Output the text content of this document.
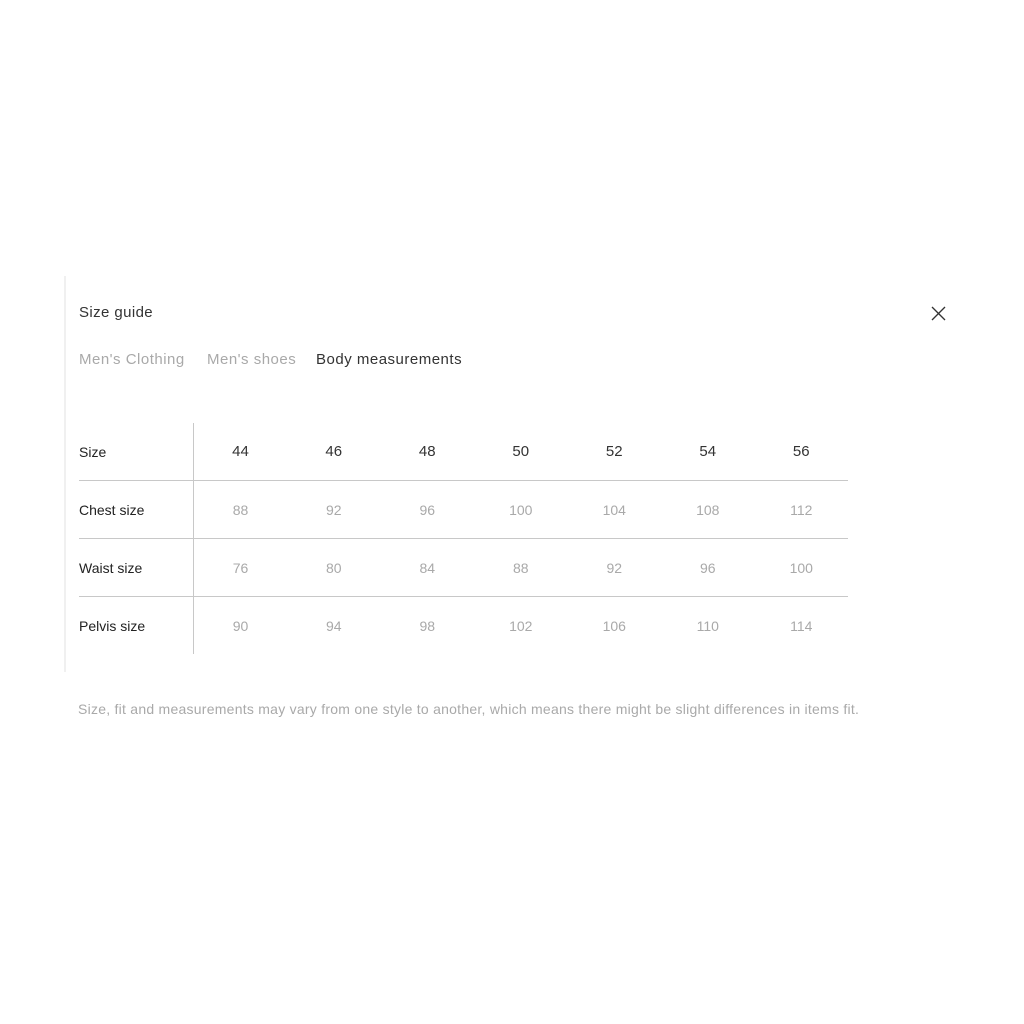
Size guide
Men's Clothing	Men's shoes	Body measurements
Size	44	46	48	50	52	54	56
Chest size	88	92	96	100	104	108	112
Waist size	76	80	84	88	92	96	100
Pelvis size	90	94	98	102	106	110	114
Size, fit and measurements may vary from one style to another, which means there might be slight differences in items fit.
